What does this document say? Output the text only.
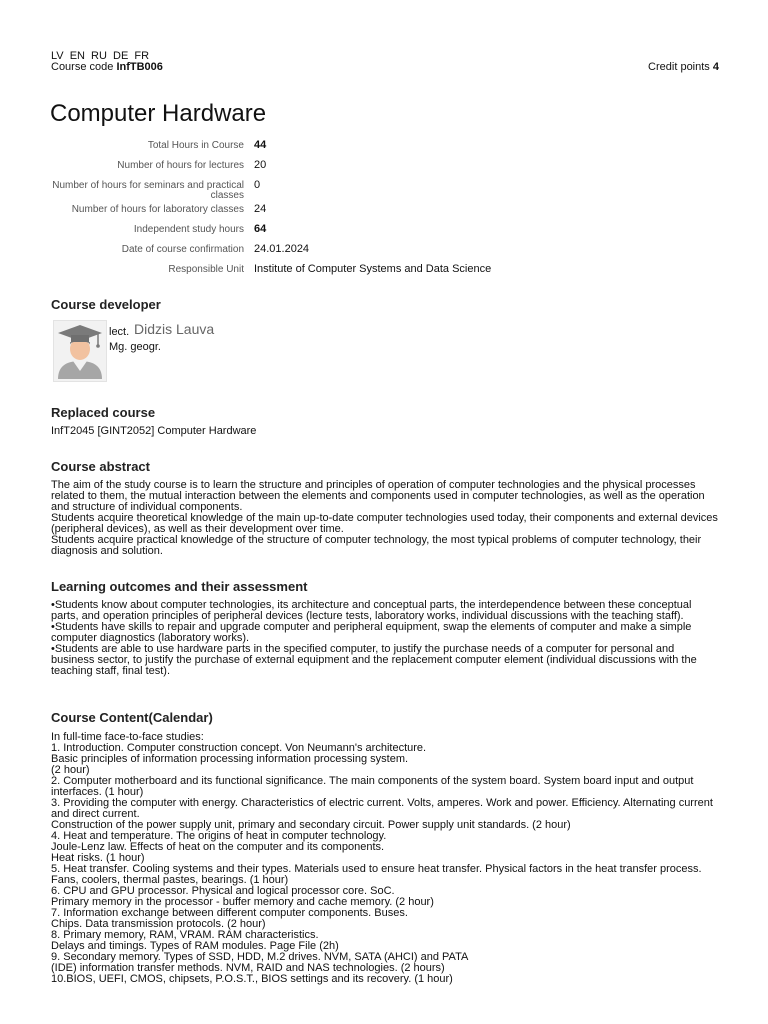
LV EN RU DE FR
Course code InfTB006	Credit points 4
Computer Hardware
Total Hours in Course	44
Number of hours for lectures	20
Number of hours for seminars and practical classes	0
Number of hours for laboratory classes	24
Independent study hours	64
Date of course confirmation	24.01.2024
Responsible Unit	Institute of Computer Systems and Data Science
Course developer
lect. Didzis Lauva
Mg. geogr.
Replaced course
InfT2045 [GINT2052] Computer Hardware
Course abstract

The aim of the study course is to learn the structure and principles of operation of computer technologies and the physical processes related to them, the mutual interaction between the elements and components used in computer technologies, as well as the operation and structure of individual components.

Students acquire theoretical knowledge of the main up-to-date computer technologies used today, their components and external devices (peripheral devices), as well as their development over time.

Students acquire practical knowledge of the structure of computer technology, the most typical problems of computer technology, their diagnosis and solution.

Learning outcomes and their assessment

•Students know about computer technologies, its architecture and conceptual parts, the interdependence between these conceptual parts, and operation principles of peripheral devices (lecture tests, laboratory works, individual discussions with the teaching staff).

•Students have skills to repair and upgrade computer and peripheral equipment, swap the elements of computer and make a simple computer diagnostics (laboratory works).

•Students are able to use hardware parts in the specified computer, to justify the purchase needs of a computer for personal and business sector, to justify the purchase of external equipment and the replacement computer element (individual discussions with the teaching staff, final test).

Course Content(Calendar)

In full-time face-to-face studies:

1. Introduction. Computer construction concept. Von Neumann's architecture.

Basic principles of information processing information processing system.

(2 hour)

2. Computer motherboard and its functional significance. The main components of the system board. System board input and output interfaces. (1 hour)

3. Providing the computer with energy. Characteristics of electric current. Volts, amperes. Work and power. Efficiency. Alternating current and direct current.

Construction of the power supply unit, primary and secondary circuit. Power supply unit standards. (2 hour)

4. Heat and temperature. The origins of heat in computer technology.

Joule-Lenz law. Effects of heat on the computer and its components.

Heat risks. (1 hour)

5. Heat transfer. Cooling systems and their types. Materials used to ensure heat transfer. Physical factors in the heat transfer process. Fans, coolers, thermal pastes, bearings. (1 hour)

6. CPU and GPU processor. Physical and logical processor core. SoC.

Primary memory in the processor - buffer memory and cache memory. (2 hour)

7. Information exchange between different computer components. Buses.

Chips. Data transmission protocols. (2 hour)

8. Primary memory, RAM, VRAM. RAM characteristics.

Delays and timings. Types of RAM modules. Page File (2h)

9. Secondary memory. Types of SSD, HDD, M.2 drives. NVM, SATA (AHCI) and PATA

(IDE) information transfer methods. NVM, RAID and NAS technologies. (2 hours)

10.BIOS, UEFI, CMOS, chipsets, P.O.S.T., BIOS settings and its recovery. (1 hour)
